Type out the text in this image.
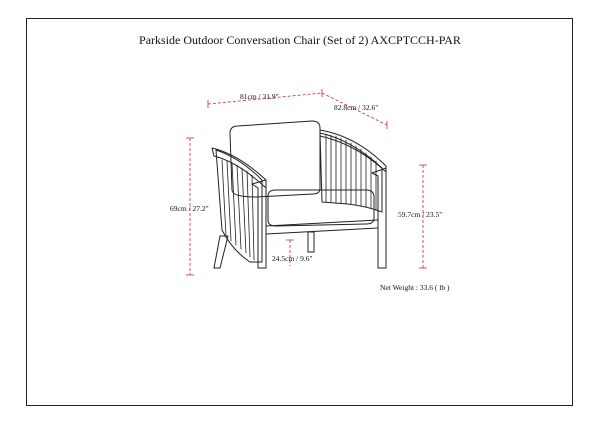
Parkside Outdoor Conversation Chair (Set of 2) AXCPTCCH-PAR
81cm / 31.9"
82.8cm / 32.6"
69cm / 27.2"
59.7cm / 23.5"
24.5cm / 9.6"
Net Weight : 33.6 ( lb )
